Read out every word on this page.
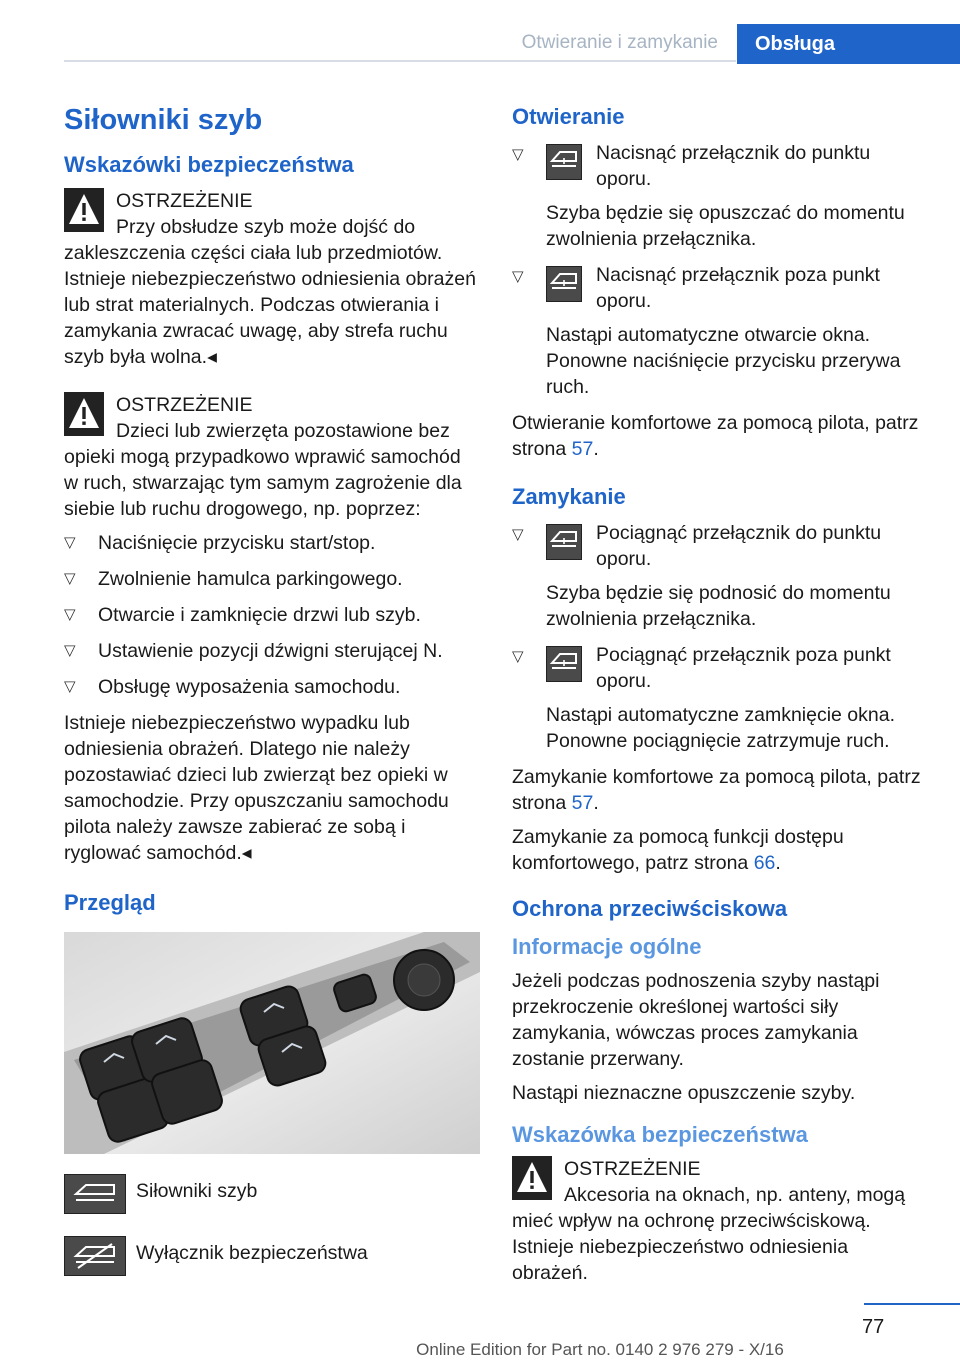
Otwieranie i zamykanie	Obsługa
Siłowniki szyb
Wskazówki bezpieczeństwa
OSTRZEŻENIE
Przy obsłudze szyb może dojść do zakleszczenia części ciała lub przedmiotów. Istnieje niebezpieczeństwo odniesienia obrażeń lub strat materialnych. Podczas otwierania i zamykania zwracać uwagę, aby strefa ruchu szyb była wolna. ◂
OSTRZEŻENIE
Dzieci lub zwierzęta pozostawione bez opieki mogą przypadkowo wprawić samochód w ruch, stwarzając tym samym zagrożenie dla siebie lub ruchu drogowego, np. poprzez:
▽ Naciśnięcie przycisku start/stop.
▽ Zwolnienie hamulca parkingowego.
▽ Otwarcie i zamknięcie drzwi lub szyb.
▽ Ustawienie pozycji dźwigni sterującej N.
▽ Obsługę wyposażenia samochodu.

Istnieje niebezpieczeństwo wypadku lub odniesienia obrażeń. Dlatego nie należy pozostawiać dzieci lub zwierząt bez opieki w samochodzie. Przy opuszczaniu samochodu pilota należy zawsze zabierać ze sobą i ryglować samochód. ◂

Przegląd
Siłowniki szyb
Wyłącznik bezpieczeństwa
Otwieranie
▽	Nacisnąć przełącznik do punktu oporu.
Szyba będzie się opuszczać do momentu zwolnienia przełącznika.
▽	Nacisnąć przełącznik poza punkt oporu.
Nastąpi automatyczne otwarcie okna. Ponowne naciśnięcie przycisku przerywa ruch.

Otwieranie komfortowe za pomocą pilota, patrz strona 57.

Zamykanie
▽	Pociągnąć przełącznik do punktu oporu.
Szyba będzie się podnosić do momentu zwolnienia przełącznika.
▽	Pociągnąć przełącznik poza punkt oporu.
Nastąpi automatyczne zamknięcie okna. Ponowne pociągnięcie zatrzymuje ruch.

Zamykanie komfortowe za pomocą pilota, patrz strona 57.

Zamykanie za pomocą funkcji dostępu komfortowego, patrz strona 66.

Ochrona przeciwściskowa
Informacje ogólne

Jeżeli podczas podnoszenia szyby nastąpi przekroczenie określonej wartości siły zamykania, wówczas proces zamykania zostanie przerwany.

Nastąpi nieznaczne opuszczenie szyby.

Wskazówka bezpieczeństwa
OSTRZEŻENIE
Akcesoria na oknach, np. anteny, mogą mieć wpływ na ochronę przeciwściskową. Istnieje niebezpieczeństwo odniesienia obrażeń.
77
Online Edition for Part no. 0140 2 976 279 - X/16
